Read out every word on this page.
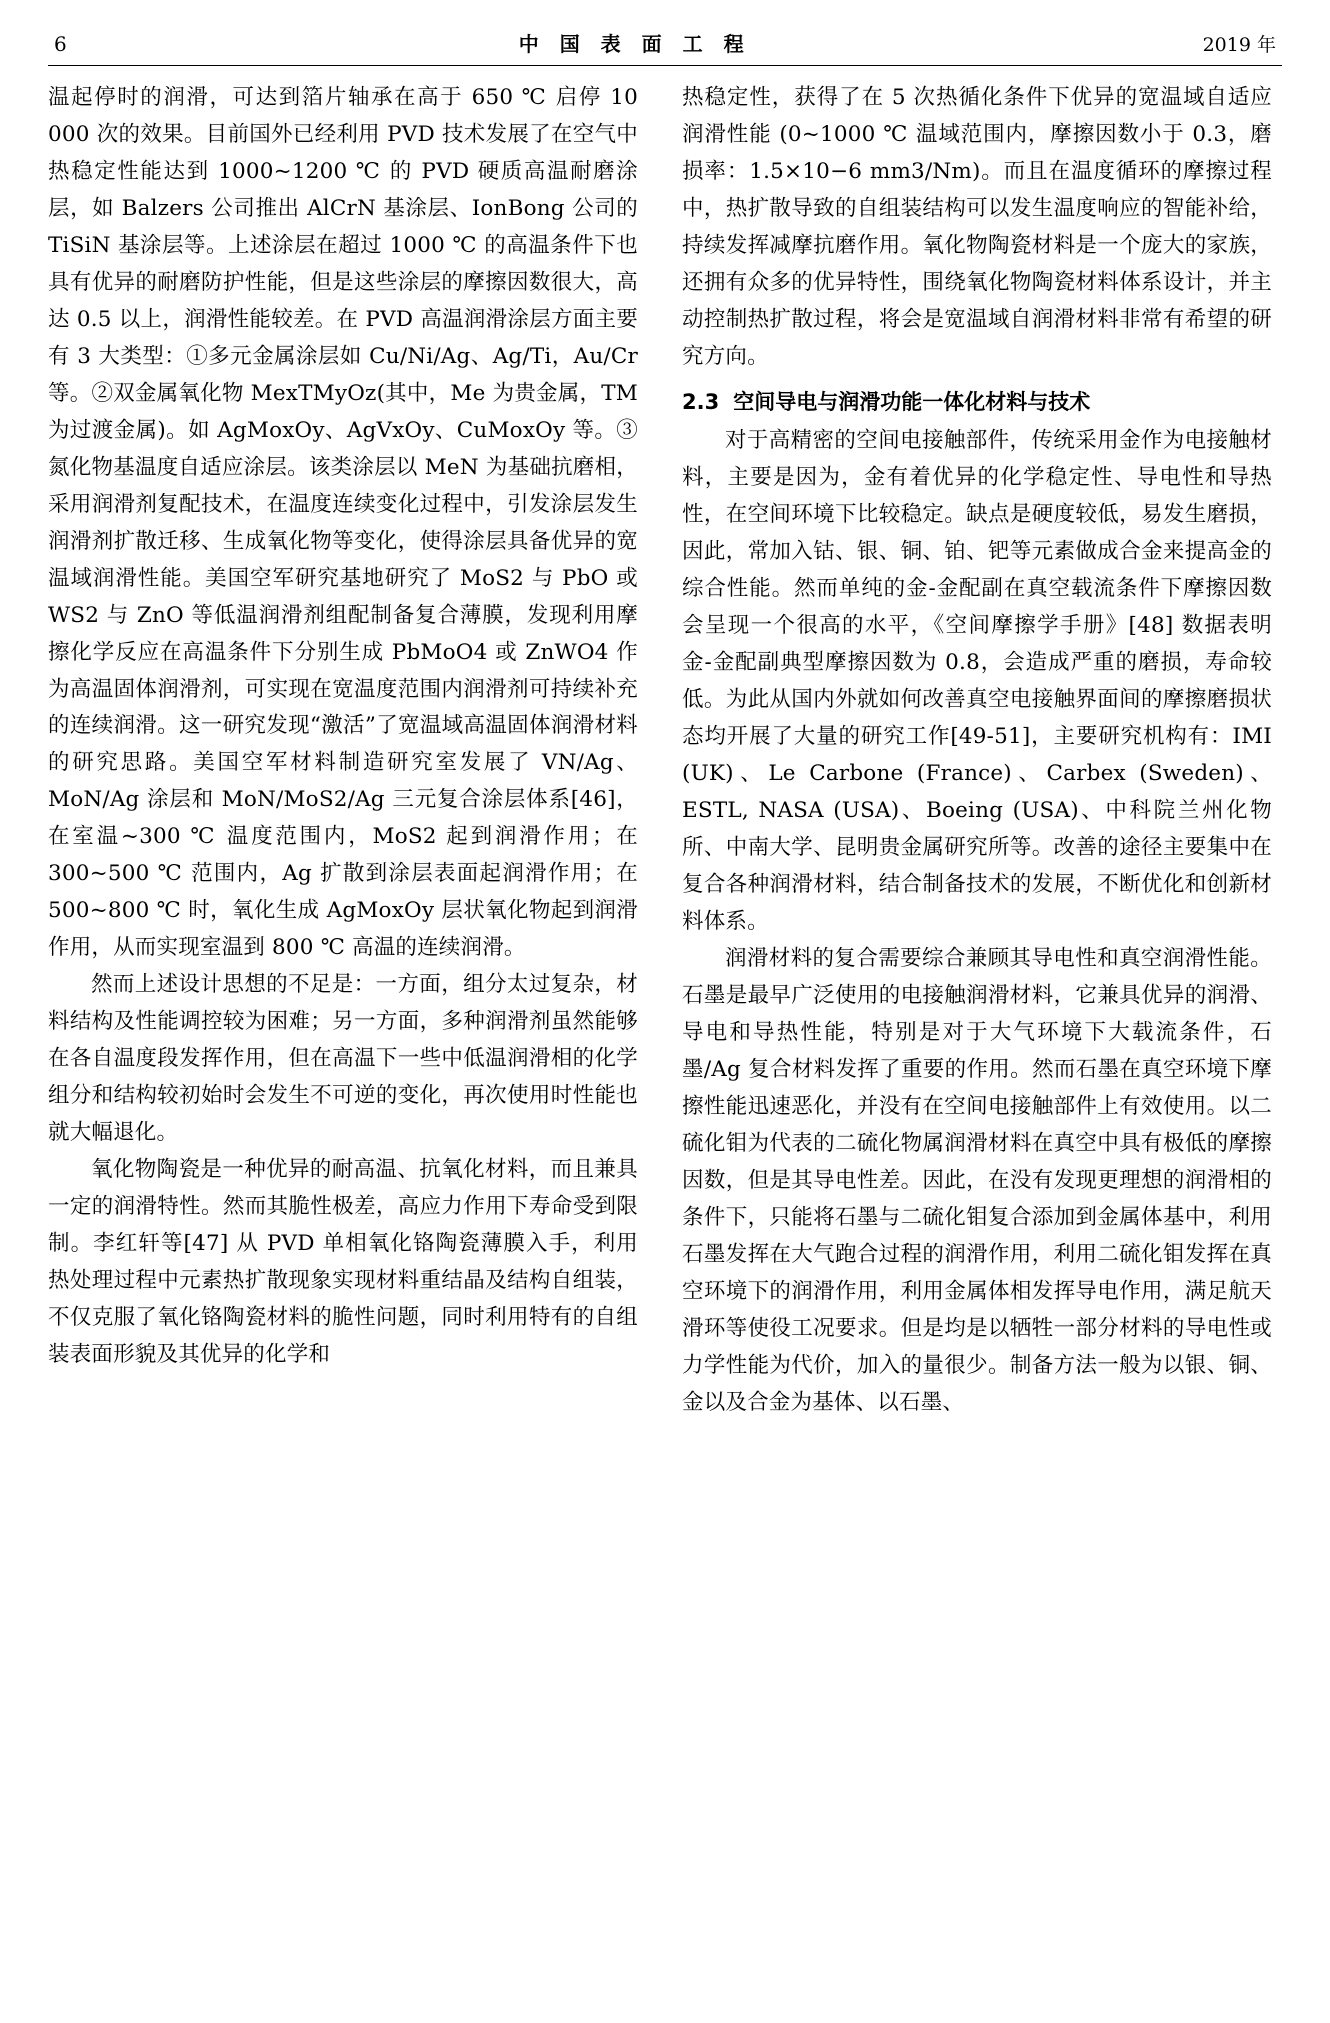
6	中 国 表 面 工 程	2019 年

温起停时的润滑，可达到箔片轴承在高于 650 ℃ 启停 10 000 次的效果。目前国外已经利用 PVD 技术发展了在空气中热稳定性能达到 1000~1200 ℃ 的 PVD 硬质高温耐磨涂层，如 Balzers 公司推出 AlCrN 基涂层、IonBong 公司的 TiSiN 基涂层等。上述涂层在超过 1000 ℃ 的高温条件下也具有优异的耐磨防护性能，但是这些涂层的摩擦因数很大，高达 0.5 以上，润滑性能较差。在 PVD 高温润滑涂层方面主要有 3 大类型：①多元金属涂层如 Cu/Ni/Ag、Ag/Ti，Au/Cr 等。②双金属氧化物 MexTMyOz(其中，Me 为贵金属，TM 为过渡金属)。如 AgMoxOy、AgVxOy、CuMoxOy 等。③氮化物基温度自适应涂层。该类涂层以 MeN 为基础抗磨相，采用润滑剂复配技术，在温度连续变化过程中，引发涂层发生润滑剂扩散迁移、生成氧化物等变化，使得涂层具备优异的宽温域润滑性能。美国空军研究基地研究了 MoS2 与 PbO 或 WS2 与 ZnO 等低温润滑剂组配制备复合薄膜，发现利用摩擦化学反应在高温条件下分别生成 PbMoO4 或 ZnWO4 作为高温固体润滑剂，可实现在宽温度范围内润滑剂可持续补充的连续润滑。这一研究发现“激活”了宽温域高温固体润滑材料的研究思路。美国空军材料制造研究室发展了 VN/Ag、MoN/Ag 涂层和 MoN/MoS2/Ag 三元复合涂层体系[46]，在室温~300 ℃ 温度范围内，MoS2 起到润滑作用；在 300~500 ℃ 范围内，Ag 扩散到涂层表面起润滑作用；在 500~800 ℃ 时，氧化生成 AgMoxOy 层状氧化物起到润滑作用，从而实现室温到 800 ℃ 高温的连续润滑。

然而上述设计思想的不足是：一方面，组分太过复杂，材料结构及性能调控较为困难；另一方面，多种润滑剂虽然能够在各自温度段发挥作用，但在高温下一些中低温润滑相的化学组分和结构较初始时会发生不可逆的变化，再次使用时性能也就大幅退化。

氧化物陶瓷是一种优异的耐高温、抗氧化材料，而且兼具一定的润滑特性。然而其脆性极差，高应力作用下寿命受到限制。李红轩等[47] 从 PVD 单相氧化铬陶瓷薄膜入手，利用热处理过程中元素热扩散现象实现材料重结晶及结构自组装，不仅克服了氧化铬陶瓷材料的脆性问题，同时利用特有的自组装表面形貌及其优异的化学和

热稳定性，获得了在 5 次热循化条件下优异的宽温域自适应润滑性能 (0~1000 ℃ 温域范围内，摩擦因数小于 0.3，磨损率：1.5×10−6 mm3/Nm)。而且在温度循环的摩擦过程中，热扩散导致的自组装结构可以发生温度响应的智能补给，持续发挥减摩抗磨作用。氧化物陶瓷材料是一个庞大的家族，还拥有众多的优异特性，围绕氧化物陶瓷材料体系设计，并主动控制热扩散过程，将会是宽温域自润滑材料非常有希望的研究方向。

2.3 空间导电与润滑功能一体化材料与技术

对于高精密的空间电接触部件，传统采用金作为电接触材料，主要是因为，金有着优异的化学稳定性、导电性和导热性，在空间环境下比较稳定。缺点是硬度较低，易发生磨损，因此，常加入钴、银、铜、铂、钯等元素做成合金来提高金的综合性能。然而单纯的金-金配副在真空载流条件下摩擦因数会呈现一个很高的水平，《空间摩擦学手册》[48] 数据表明金-金配副典型摩擦因数为 0.8，会造成严重的磨损，寿命较低。为此从国内外就如何改善真空电接触界面间的摩擦磨损状态均开展了大量的研究工作[49-51]，主要研究机构有：IMI (UK)、Le Carbone (France)、Carbex (Sweden)、ESTL, NASA (USA)、Boeing (USA)、中科院兰州化物所、中南大学、昆明贵金属研究所等。改善的途径主要集中在复合各种润滑材料，结合制备技术的发展，不断优化和创新材料体系。

润滑材料的复合需要综合兼顾其导电性和真空润滑性能。石墨是最早广泛使用的电接触润滑材料，它兼具优异的润滑、导电和导热性能，特别是对于大气环境下大载流条件，石墨/Ag 复合材料发挥了重要的作用。然而石墨在真空环境下摩擦性能迅速恶化，并没有在空间电接触部件上有效使用。以二硫化钼为代表的二硫化物属润滑材料在真空中具有极低的摩擦因数，但是其导电性差。因此，在没有发现更理想的润滑相的条件下，只能将石墨与二硫化钼复合添加到金属体基中，利用石墨发挥在大气跑合过程的润滑作用，利用二硫化钼发挥在真空环境下的润滑作用，利用金属体相发挥导电作用，满足航天滑环等使役工况要求。但是均是以牺牲一部分材料的导电性或力学性能为代价，加入的量很少。制备方法一般为以银、铜、金以及合金为基体、以石墨、
